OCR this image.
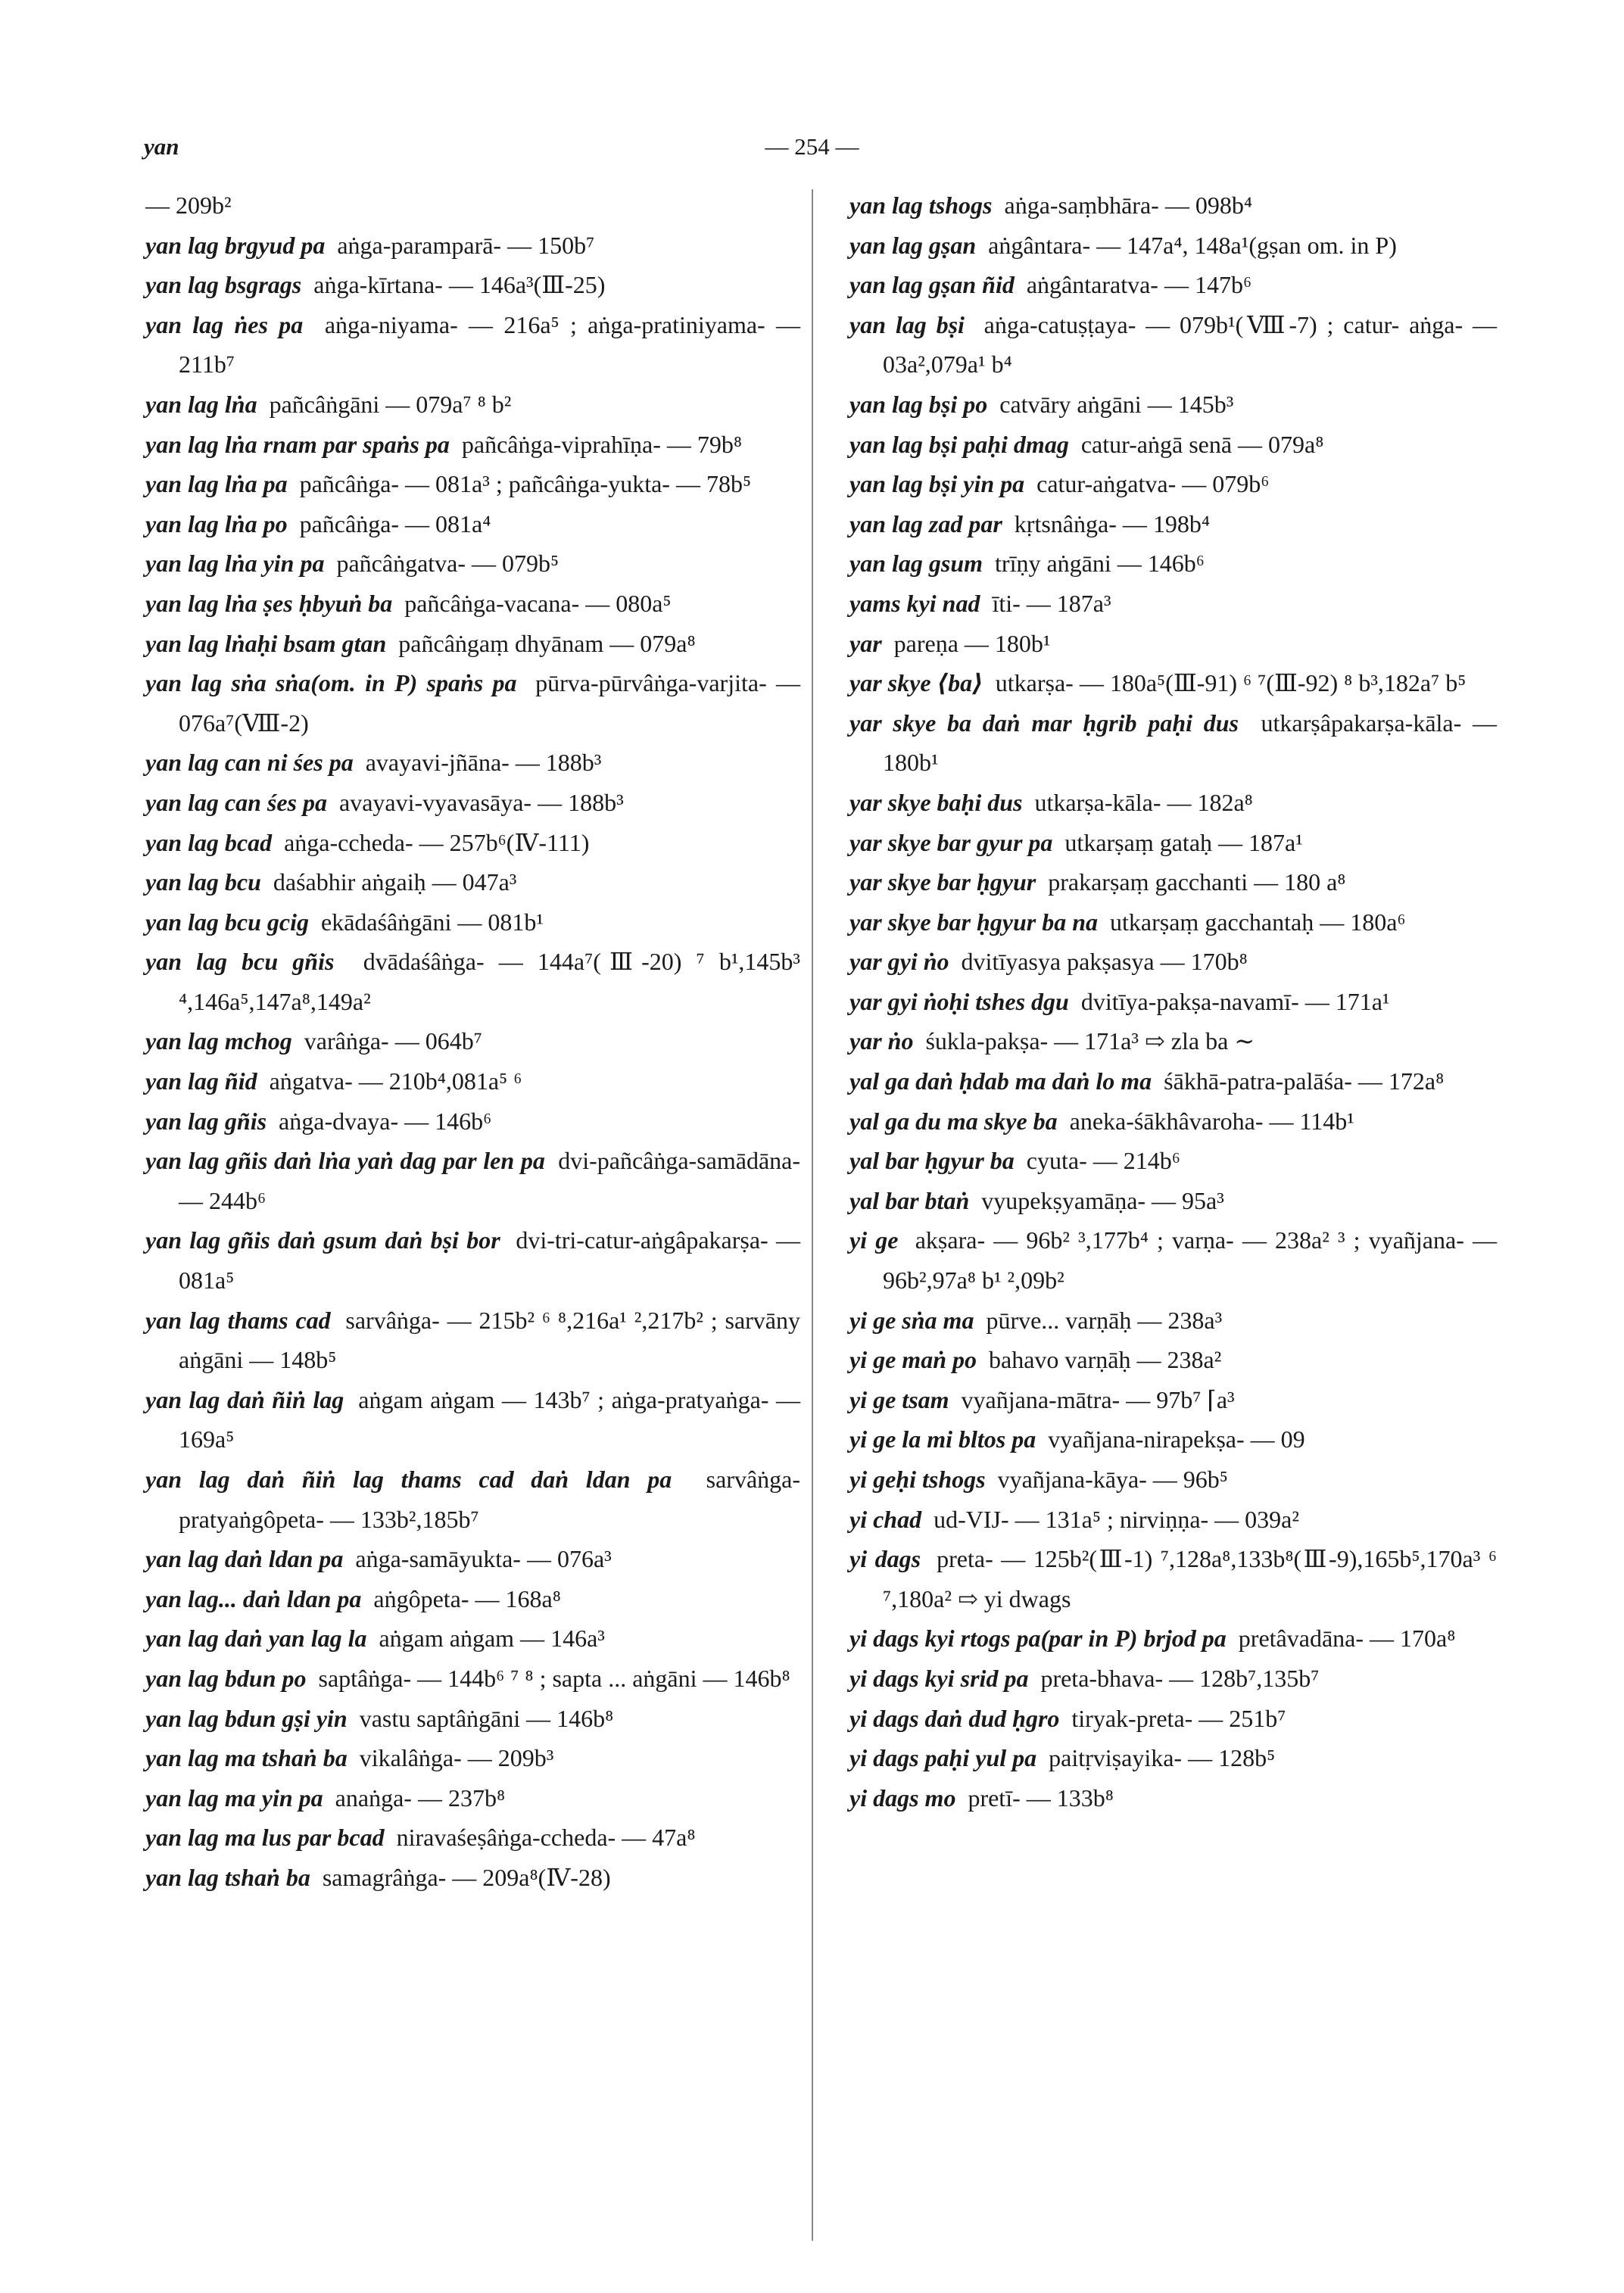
yan	— 254 —
— 209b²
yan lag brgyud pa aṅga-paramparā- — 150b⁷
yan lag bsgrags aṅga-kīrtana- — 146a³(Ⅲ-25)
yan lag ṅes pa aṅga-niyama- — 216a⁵ ; aṅga-pratiniyama- — 211b⁷
yan lag lṅa pañcâṅgāni — 079a⁷ ⁸ b²
yan lag lṅa rnam par spaṅs pa pañcâṅga-viprahīṇa- — 79b⁸
yan lag lṅa pa pañcâṅga- — 081a³ ; pañcâṅga-yukta- — 78b⁵
yan lag lṅa po pañcâṅga- — 081a⁴
yan lag lṅa yin pa pañcâṅgatva- — 079b⁵
yan lag lṅa ṣes ḥbyuṅ ba pañcâṅga-vacana- — 080a⁵
yan lag lṅaḥi bsam gtan pañcâṅgaṃ dhyānam — 079a⁸
yan lag sṅa sṅa(om. in P) spaṅs pa pūrva-pūrvâṅga-varjita- — 076a⁷(Ⅷ-2)
yan lag can ni śes pa avayavi-jñāna- — 188b³
yan lag can śes pa avayavi-vyavasāya- — 188b³
yan lag bcad aṅga-ccheda- — 257b⁶(Ⅳ-111)
yan lag bcu daśabhir aṅgaiḥ — 047a³
yan lag bcu gcig ekādaśâṅgāni — 081b¹
yan lag bcu gñis dvādaśâṅga- — 144a⁷(Ⅲ-20) ⁷ b¹,145b³ ⁴,146a⁵,147a⁸,149a²
yan lag mchog varâṅga- — 064b⁷
yan lag ñid aṅgatva- — 210b⁴,081a⁵ ⁶
yan lag gñis aṅga-dvaya- — 146b⁶
yan lag gñis daṅ lṅa yaṅ dag par len pa dvi-pañcâṅga-samādāna- — 244b⁶
yan lag gñis daṅ gsum daṅ bṣi bor dvi-tri-catur-aṅgâpakarṣa- — 081a⁵
yan lag thams cad sarvâṅga- — 215b² ⁶ ⁸,216a¹ ²,217b² ; sarvāny aṅgāni — 148b⁵
yan lag daṅ ñiṅ lag aṅgam aṅgam — 143b⁷ ; aṅga-pratyaṅga- — 169a⁵
yan lag daṅ ñiṅ lag thams cad daṅ ldan pa sarvâṅga-pratyaṅgôpeta- — 133b²,185b⁷
yan lag daṅ ldan pa aṅga-samāyukta- — 076a³
yan lag... daṅ ldan pa aṅgôpeta- — 168a⁸
yan lag daṅ yan lag la aṅgam aṅgam — 146a³
yan lag bdun po saptâṅga- — 144b⁶ ⁷ ⁸ ; sapta ... aṅgāni — 146b⁸
yan lag bdun gṣi yin vastu saptâṅgāni — 146b⁸
yan lag ma tshaṅ ba vikalâṅga- — 209b³
yan lag ma yin pa anaṅga- — 237b⁸
yan lag ma lus par bcad niravaśeṣâṅga-ccheda- — 47a⁸
yan lag tshaṅ ba samagrâṅga- — 209a⁸(Ⅳ-28)
yan lag tshogs aṅga-saṃbhāra- — 098b⁴
yan lag gṣan aṅgântara- — 147a⁴, 148a¹(gṣan om. in P)
yan lag gṣan ñid aṅgântaratva- — 147b⁶
yan lag bṣi aṅga-catuṣṭaya- — 079b¹(Ⅷ-7) ; catur- aṅga- — 03a²,079a¹ b⁴
yan lag bṣi po catvāry aṅgāni — 145b³
yan lag bṣi paḥi dmag catur-aṅgā senā — 079a⁸
yan lag bṣi yin pa catur-aṅgatva- — 079b⁶
yan lag zad par kṛtsnâṅga- — 198b⁴
yan lag gsum trīṇy aṅgāni — 146b⁶
yams kyi nad īti- — 187a³
yar pareṇa — 180b¹
yar skye ⟨ba⟩ utkarṣa- — 180a⁵(Ⅲ-91) ⁶ ⁷(Ⅲ-92) ⁸ b³,182a⁷ b⁵
yar skye ba daṅ mar ḥgrib paḥi dus utkarṣâpakarṣa-kāla- — 180b¹
yar skye baḥi dus utkarṣa-kāla- — 182a⁸
yar skye bar gyur pa utkarṣaṃ gataḥ — 187a¹
yar skye bar ḥgyur prakarṣaṃ gacchanti — 180 a⁸
yar skye bar ḥgyur ba na utkarṣaṃ gacchantaḥ — 180a⁶
yar gyi ṅo dvitīyasya pakṣasya — 170b⁸
yar gyi ṅoḥi tshes dgu dvitīya-pakṣa-navamī- — 171a¹
yar ṅo śukla-pakṣa- — 171a³ ⇨ zla ba ∼
yal ga daṅ ḥdab ma daṅ lo ma śākhā-patra-palāśa- — 172a⁸
yal ga du ma skye ba aneka-śākhâvaroha- — 114b¹
yal bar ḥgyur ba cyuta- — 214b⁶
yal bar btaṅ vyupekṣyamāṇa- — 95a³
yi ge akṣara- — 96b² ³,177b⁴ ; varṇa- — 238a² ³ ; vyañjana- — 96b²,97a⁸ b¹ ²,09b²
yi ge sṅa ma pūrve... varṇāḥ — 238a³
yi ge maṅ po bahavo varṇāḥ — 238a²
yi ge tsam vyañjana-mātra- — 97b⁷ ⌈a³
yi ge la mi bltos pa vyañjana-nirapekṣa- — 09
yi geḥi tshogs vyañjana-kāya- — 96b⁵
yi chad ud-VIJ- — 131a⁵ ; nirviṇṇa- — 039a²
yi dags preta- — 125b²(Ⅲ-1) ⁷,128a⁸,133b⁸(Ⅲ-9),165b⁵,170a³ ⁶ ⁷,180a² ⇨ yi dwags
yi dags kyi rtogs pa(par in P) brjod pa pretâvadāna- — 170a⁸
yi dags kyi srid pa preta-bhava- — 128b⁷,135b⁷
yi dags daṅ dud ḥgro tiryak-preta- — 251b⁷
yi dags paḥi yul pa paitṛviṣayika- — 128b⁵
yi dags mo pretī- — 133b⁸
